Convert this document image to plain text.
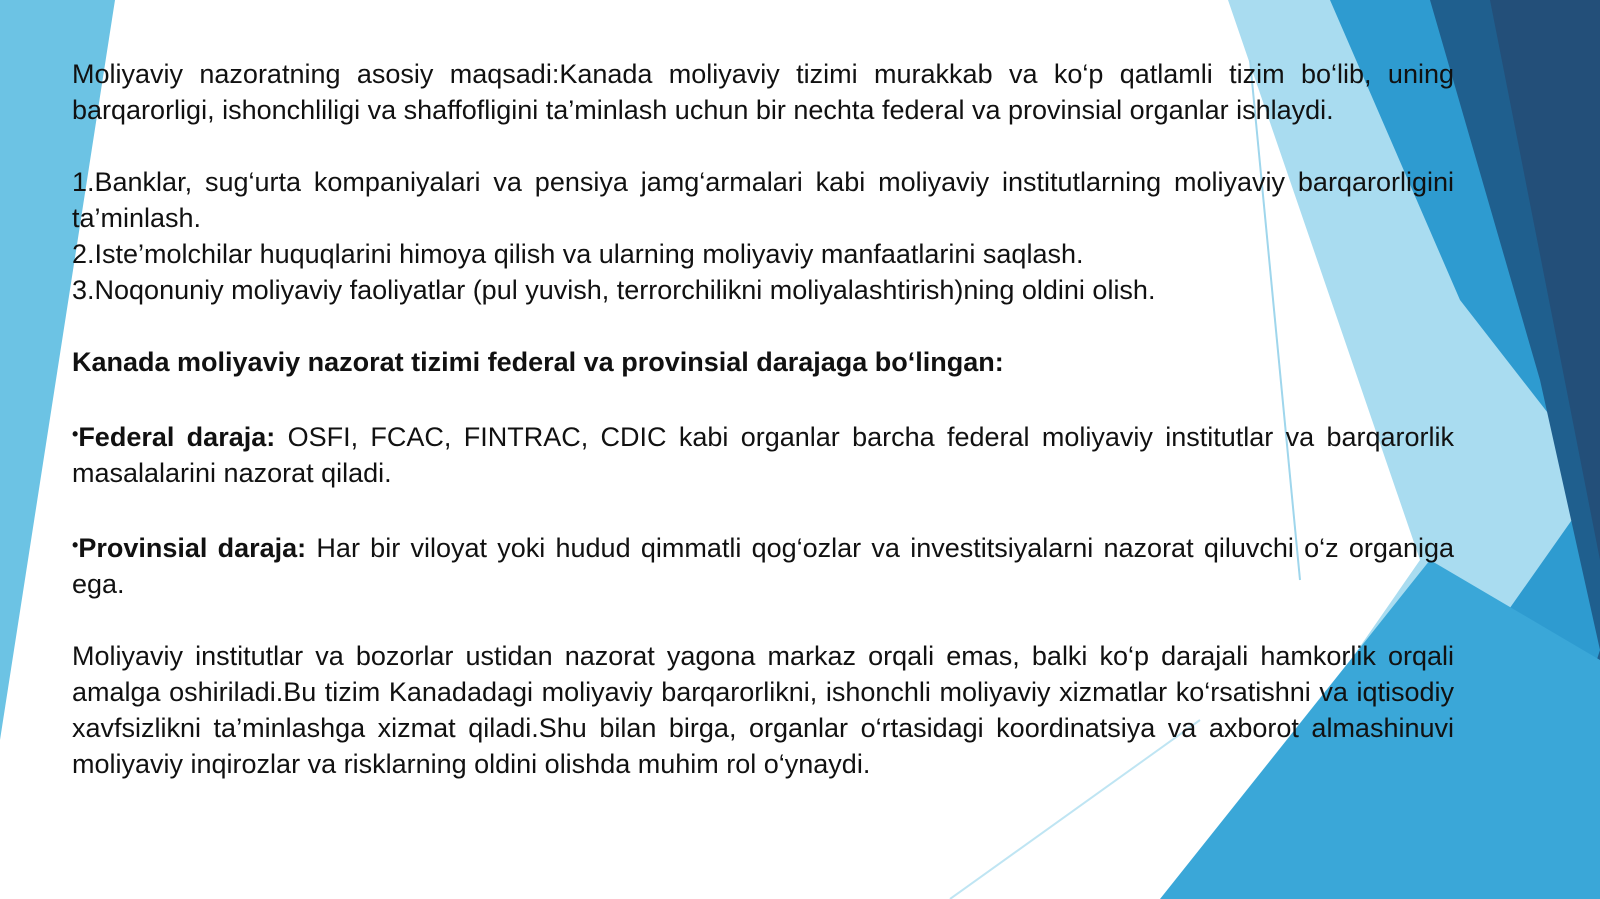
Moliyaviy nazoratning asosiy maqsadi:Kanada moliyaviy tizimi murakkab va ko‘p qatlamli tizim bo‘lib, uning barqarorligi, ishonchliligi va shaffofligini ta’minlash uchun bir nechta federal va provinsial organlar ishlaydi.

1.Banklar, sug‘urta kompaniyalari va pensiya jamg‘armalari kabi moliyaviy institutlarning moliyaviy barqarorligini ta’minlash.

2.Iste’molchilar huquqlarini himoya qilish va ularning moliyaviy manfaatlarini saqlash.

3.Noqonuniy moliyaviy faoliyatlar (pul yuvish, terrorchilikni moliyalashtirish)ning oldini olish.

Kanada moliyaviy nazorat tizimi federal va provinsial darajaga bo‘lingan:

•Federal daraja: OSFI, FCAC, FINTRAC, CDIC kabi organlar barcha federal moliyaviy institutlar va barqarorlik masalalarini nazorat qiladi.

•Provinsial daraja: Har bir viloyat yoki hudud qimmatli qog‘ozlar va investitsiyalarni nazorat qiluvchi o‘z organiga ega.

Moliyaviy institutlar va bozorlar ustidan nazorat yagona markaz orqali emas, balki ko‘p darajali hamkorlik orqali amalga oshiriladi.Bu tizim Kanadadagi moliyaviy barqarorlikni, ishonchli moliyaviy xizmatlar ko‘rsatishni va iqtisodiy xavfsizlikni ta’minlashga xizmat qiladi.Shu bilan birga, organlar o‘rtasidagi koordinatsiya va axborot almashinuvi moliyaviy inqirozlar va risklarning oldini olishda muhim rol o‘ynaydi.
